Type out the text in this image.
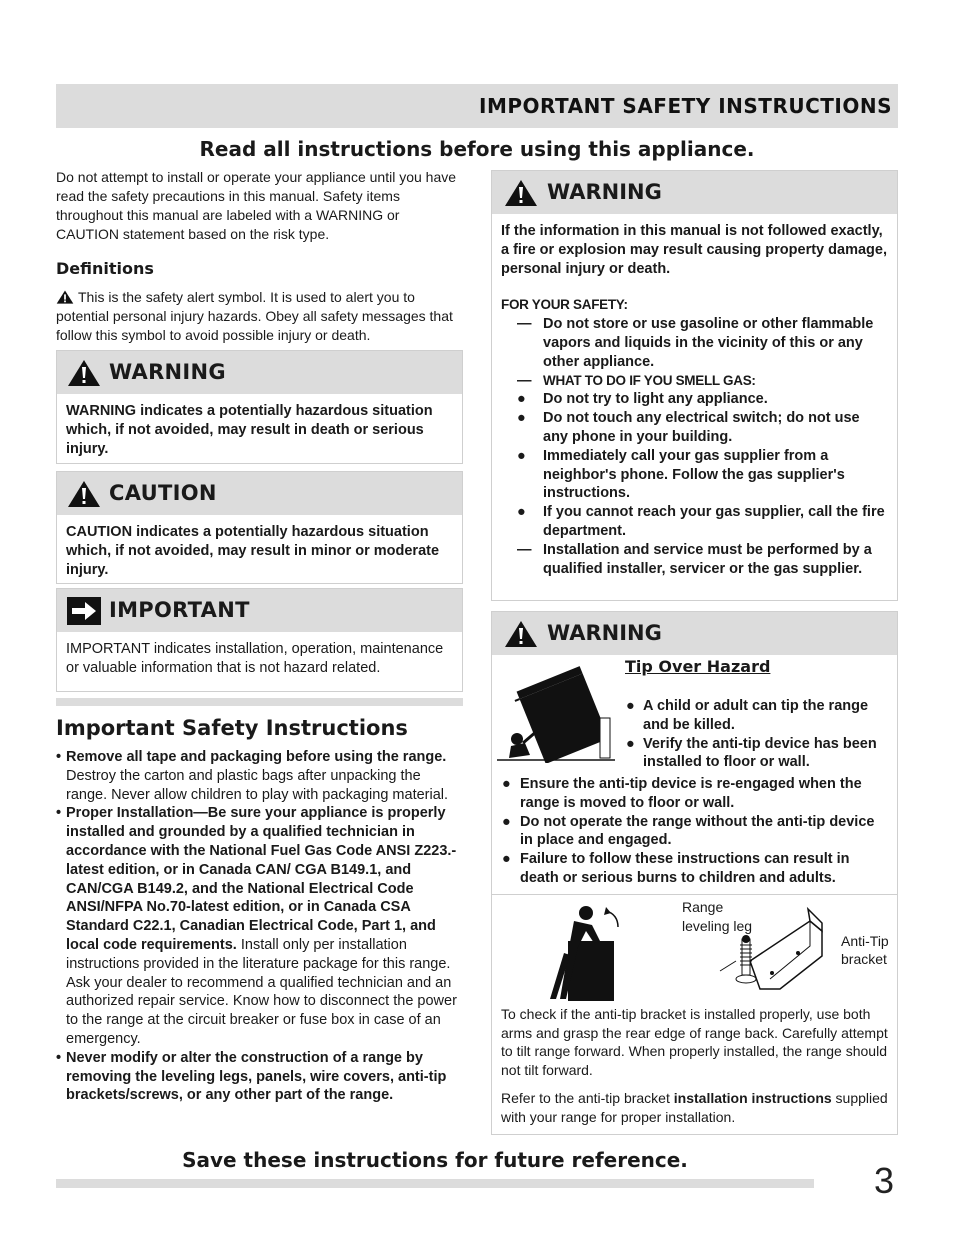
IMPORTANT SAFETY INSTRUCTIONS
Read all instructions before using this appliance.
Do not attempt to install or operate your appliance until you have read the safety precautions in this manual. Safety items throughout this manual are labeled with a WARNING or CAUTION statement based on the risk type.
Definitions
This is the safety alert symbol. It is used to alert you to potential personal injury hazards. Obey all safety messages that follow this symbol to avoid possible injury or death.
WARNING
WARNING indicates a potentially hazardous situation which, if not avoided, may result in death or serious injury.
CAUTION
CAUTION indicates a potentially hazardous situation which, if not avoided, may result in minor or moderate injury.
IMPORTANT
IMPORTANT indicates installation, operation, maintenance or valuable information that is not hazard related.
Important Safety Instructions
• Remove all tape and packaging before using the range. Destroy the carton and plastic bags after unpacking the range. Never allow children to play with packaging material.
• Proper Installation—Be sure your appliance is properly installed and grounded by a qualified technician in accordance with the National Fuel Gas Code ANSI Z223.- latest edition, or in Canada CAN/ CGA B149.1, and CAN/CGA B149.2, and the National Electrical Code ANSI/NFPA No.70-latest edition, or in Canada CSA Standard C22.1, Canadian Electrical Code, Part 1, and local code requirements. Install only per installation instructions provided in the literature package for this range. Ask your dealer to recommend a qualified technician and an authorized repair service. Know how to disconnect the power to the range at the circuit breaker or fuse box in case of an emergency.
• Never modify or alter the construction of a range by removing the leveling legs, panels, wire covers, anti-tip brackets/screws, or any other part of the range.
WARNING
If the information in this manual is not followed exactly, a fire or explosion may result causing property damage, personal injury or death.
FOR YOUR SAFETY:
— Do not store or use gasoline or other flammable vapors and liquids in the vicinity of this or any other appliance.
— WHAT TO DO IF YOU SMELL GAS:
● Do not try to light any appliance.
● Do not touch any electrical switch; do not use any phone in your building.
● Immediately call your gas supplier from a neighbor's phone. Follow the gas supplier's instructions.
● If you cannot reach your gas supplier, call the fire department.
— Installation and service must be performed by a qualified installer, servicer or the gas supplier.
WARNING
Tip Over Hazard
● A child or adult can tip the range and be killed.
● Verify the anti-tip device has been installed to floor or wall.
● Ensure the anti-tip device is re-engaged when the range is moved to floor or wall.
● Do not operate the range without the anti-tip device in place and engaged.
● Failure to follow these instructions can result in death or serious burns to children and adults.
Range leveling leg
Anti-Tip bracket
To check if the anti-tip bracket is installed properly, use both arms and grasp the rear edge of range back. Carefully attempt to tilt range forward. When properly installed, the range should not tilt forward.
Refer to the anti-tip bracket installation instructions supplied with your range for proper installation.
Save these instructions for future reference.	3
